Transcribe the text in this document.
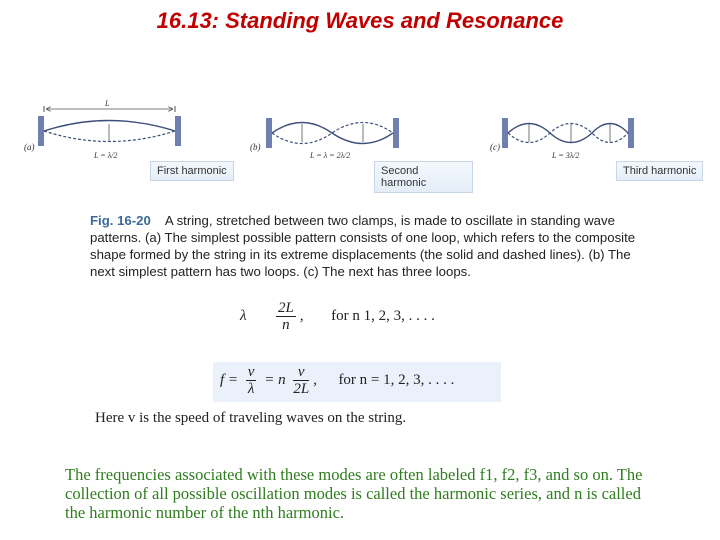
16.13: Standing Waves and Resonance
L
(a)
L = λ/2
First harmonic
(b)
L = λ = 2λ/2
Second harmonic
(c)
L = 3λ/2
Third harmonic
Fig. 16-20 A string, stretched between two clamps, is made to oscillate in standing wave patterns. (a) The simplest possible pattern consists of one loop, which refers to the composite shape formed by the string in its extreme displacements (the solid and dashed lines). (b) The next simplest pattern has two loops. (c) The next has three loops.
λ $\frac{2L}{n}$ , for n 1, 2, 3, . . . .
$f = \frac{v}{\lambda} = n \frac{v}{2L}$ , for n = 1, 2, 3, . . . .
Here v is the speed of traveling waves on the string.
The frequencies associated with these modes are often labeled f1, f2, f3, and so on. The collection of all possible oscillation modes is called the harmonic series, and n is called the harmonic number of the nth harmonic.
